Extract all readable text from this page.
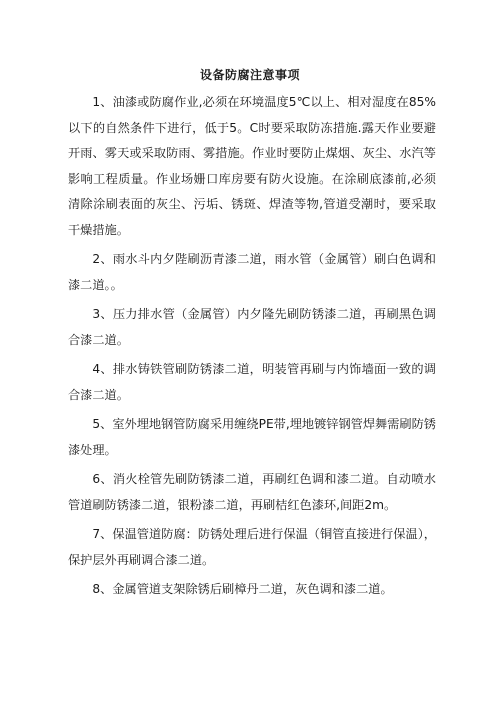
设备防腐注意事项

1、油漆或防腐作业,必须在环境温度5℃以上、相对湿度在85%以下的自然条件下进行，低于5。C时要采取防冻措施.露天作业要避开雨、雾天或采取防雨、雾措施。作业时要防止煤烟、灰尘、水汽等影响工程质量。作业场姗口库房要有防火设施。在涂刷底漆前,必须清除涂刷表面的灰尘、污垢、锈斑、焊渣等物,管道受潮时，要采取干燥措施。

2、雨水斗内夕陛刷沥青漆二道，雨水管（金属管）刷白色调和漆二道。。

3、压力排水管（金属管）内夕隆先刷防锈漆二道，再刷黑色调合漆二道。

4、排水铸铁管刷防锈漆二道，明装管再刷与内饰墙面一致的调合漆二道。

5、室外埋地钢管防腐采用缠绕PE带,埋地镀锌钢管焊舞需刷防锈漆处理。

6、消火栓管先刷防锈漆二道，再刷红色调和漆二道。自动喷水管道刷防锈漆二道，银粉漆二道，再刷桔红色漆环,间距2m。

7、保温管道防腐：防锈处理后进行保温（铜管直接进行保温），保护层外再刷调合漆二道。

8、金属管道支架除锈后刷樟丹二道，灰色调和漆二道。
